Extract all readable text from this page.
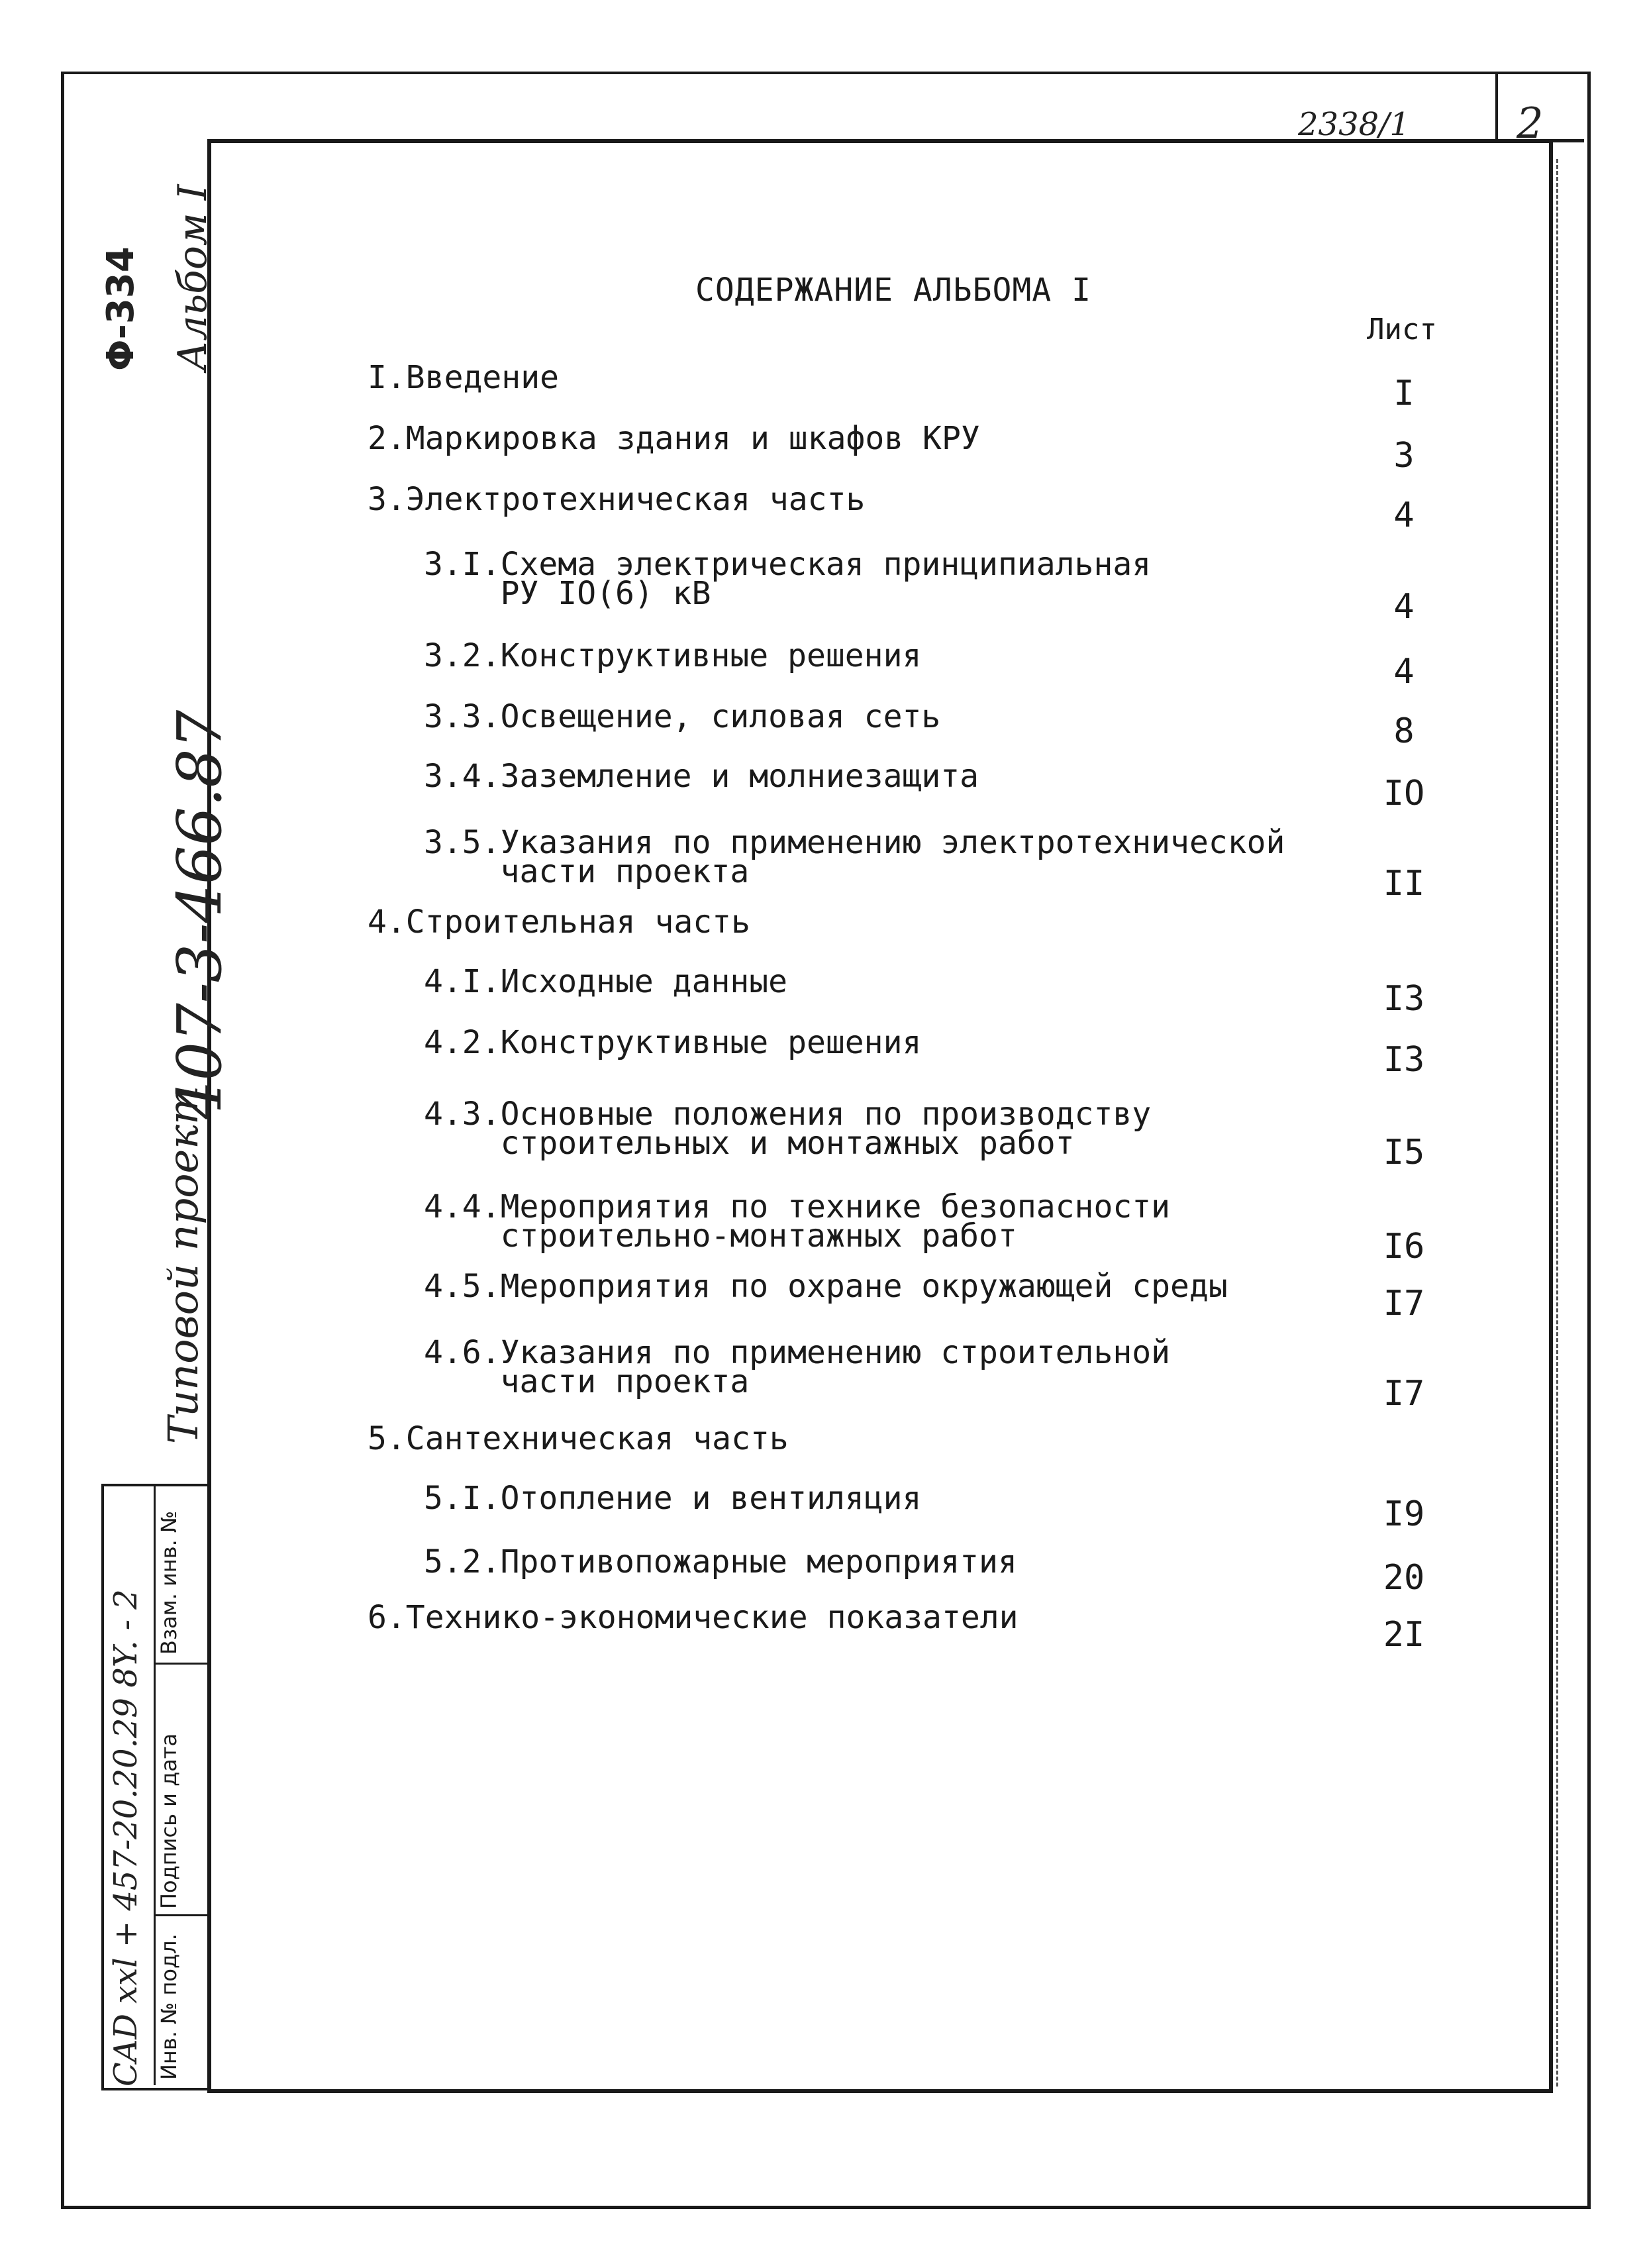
2338/1	2
Φ-334 Альбом I
407-3-466.87
Типовой проект
Взам. инв. №
Подпись и дата
Инв. № подл.
CAD xxl + 457-20.20.29 8Y. - 2
СОДЕРЖАНИЕ АЛЬБОМА I
Лист
I. Введение	I
2. Маркировка здания и шкафов КРУ	3
3. Электротехническая часть	4
3.I. Схема электрическая принципиальная
РУ IO(6) кВ	4
3.2. Конструктивные решения	4
3.3. Освещение, силовая сеть	8
3.4. Заземление и молниезащита	IO
3.5. Указания по применению электротехнической
части проекта	II
4. Строительная часть
4.I. Исходные данные	I3
4.2. Конструктивные решения	I3
4.3. Основные положения по производству
строительных и монтажных работ	I5
4.4. Мероприятия по технике безопасности
строительно-монтажных работ	I6
4.5. Мероприятия по охране окружающей среды	I7
4.6. Указания по применению строительной
части проекта	I7
5. Сантехническая часть
5.I. Отопление и вентиляция	I9
5.2. Противопожарные мероприятия	20
6. Технико-экономические показатели	2I
